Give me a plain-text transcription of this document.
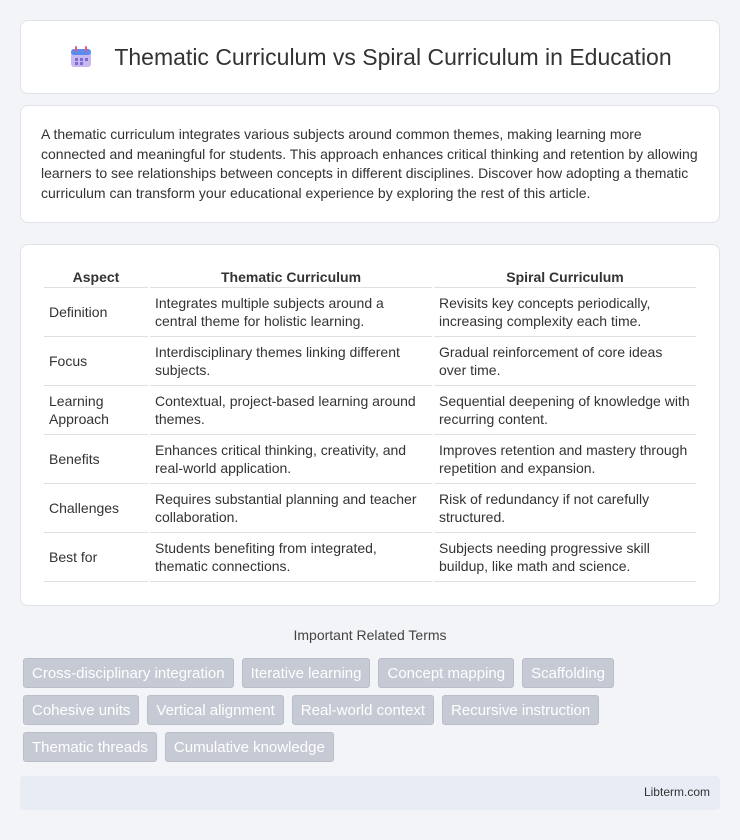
Thematic Curriculum vs Spiral Curriculum in Education

A thematic curriculum integrates various subjects around common themes, making learning more connected and meaningful for students. This approach enhances critical thinking and retention by allowing learners to see relationships between concepts in different disciplines. Discover how adopting a thematic curriculum can transform your educational experience by exploring the rest of this article.

Aspect	Thematic Curriculum	Spiral Curriculum
Definition	Integrates multiple subjects around a central theme for holistic learning.	Revisits key concepts periodically, increasing complexity each time.
Focus	Interdisciplinary themes linking different subjects.	Gradual reinforcement of core ideas over time.
Learning Approach	Contextual, project-based learning around themes.	Sequential deepening of knowledge with recurring content.
Benefits	Enhances critical thinking, creativity, and real-world application.	Improves retention and mastery through repetition and expansion.
Challenges	Requires substantial planning and teacher collaboration.	Risk of redundancy if not carefully structured.
Best for	Students benefiting from integrated, thematic connections.	Subjects needing progressive skill buildup, like math and science.
Important Related Terms
Cross-disciplinary integration	Iterative learning	Concept mapping	Scaffolding
Cohesive units	Vertical alignment	Real-world context	Recursive instruction
Thematic threads	Cumulative knowledge
Libterm.com
